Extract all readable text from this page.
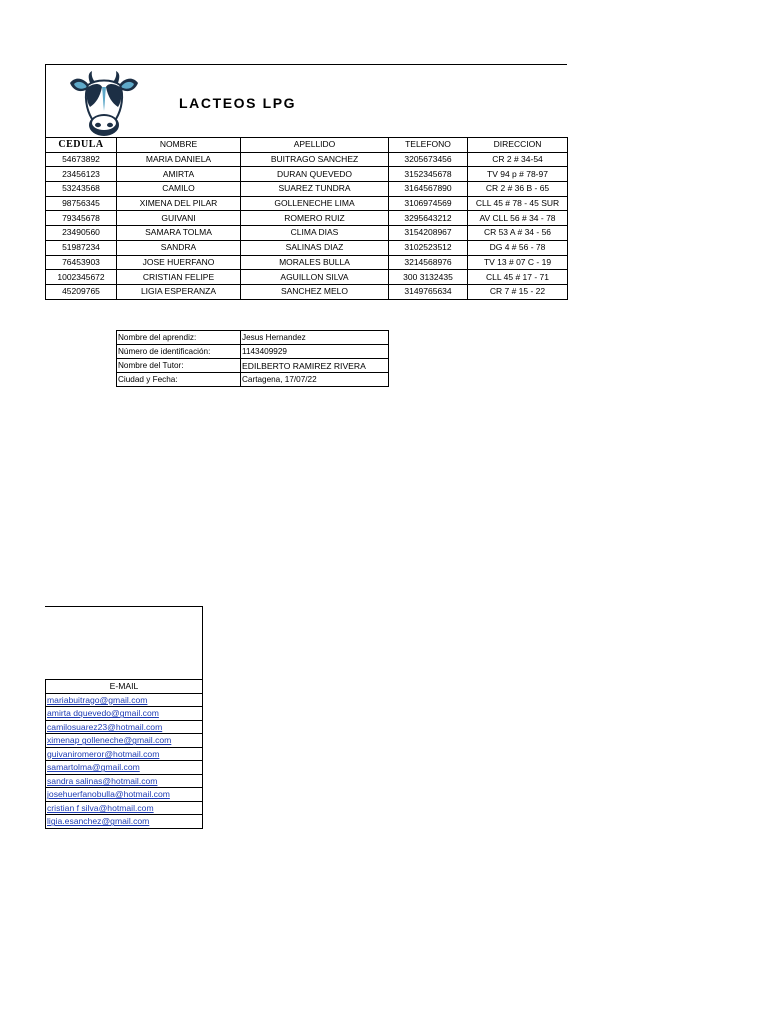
LACTEOS LPG
CEDULA	NOMBRE	APELLIDO	TELEFONO	DIRECCION
54673892	MARIA DANIELA	BUITRAGO SANCHEZ	3205673456	CR 2 # 34-54
23456123	AMIRTA	DURAN QUEVEDO	3152345678	TV 94 p # 78-97
53243568	CAMILO	SUAREZ TUNDRA	3164567890	CR 2 # 36 B - 65
98756345	XIMENA DEL PILAR	GOLLENECHE LIMA	3106974569	CLL 45 # 78 - 45 SUR
79345678	GUIVANI	ROMERO RUIZ	3295643212	AV CLL 56 # 34 - 78
23490560	SAMARA TOLMA	CLIMA DIAS	3154208967	CR 53 A # 34 - 56
51987234	SANDRA	SALINAS DIAZ	3102523512	DG 4 # 56 - 78
76453903	JOSE HUERFANO	MORALES BULLA	3214568976	TV 13 # 07 C - 19
1002345672	CRISTIAN FELIPE	AGUILLON SILVA	300 3132435	CLL 45 # 17 - 71
45209765	LIGIA ESPERANZA	SANCHEZ MELO	3149765634	CR 7 # 15 - 22
Nombre del aprendiz:	Jesus Hernandez
Número de identificación:	1143409929
Nombre del Tutor:	EDILBERTO RAMIREZ RIVERA
Ciudad y Fecha:	Cartagena, 17/07/22
E-MAIL
mariabuitrago@gmail.com
amirta dquevedo@gmail.com
camilosuarez23@hotmail.com
ximenap golleneche@gmail.com
guivaniromeror@hotmail.com
samartolma@gmail.com
sandra salinas@hotmail.com
josehuerfanobulla@hotmail.com
cristian f silva@hotmail.com
ligia.esanchez@gmail.com
